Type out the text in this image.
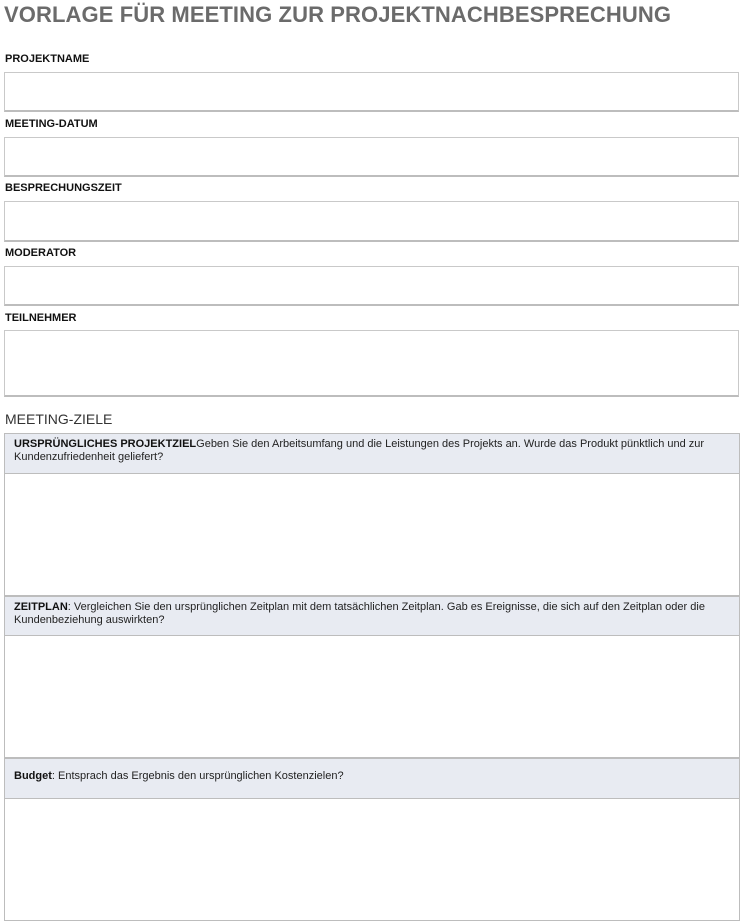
VORLAGE FÜR MEETING ZUR PROJEKTNACHBESPRECHUNG
PROJEKTNAME
MEETING-DATUM
BESPRECHUNGSZEIT
MODERATOR
TEILNEHMER
MEETING-ZIELE
URSPRÜNGLICHES PROJEKTZIELGeben Sie den Arbeitsumfang und die Leistungen des Projekts an. Wurde das Produkt pünktlich und zur Kundenzufriedenheit geliefert?
ZEITPLAN: Vergleichen Sie den ursprünglichen Zeitplan mit dem tatsächlichen Zeitplan. Gab es Ereignisse, die sich auf den Zeitplan oder die Kundenbeziehung auswirkten?
Budget: Entsprach das Ergebnis den ursprünglichen Kostenzielen?
